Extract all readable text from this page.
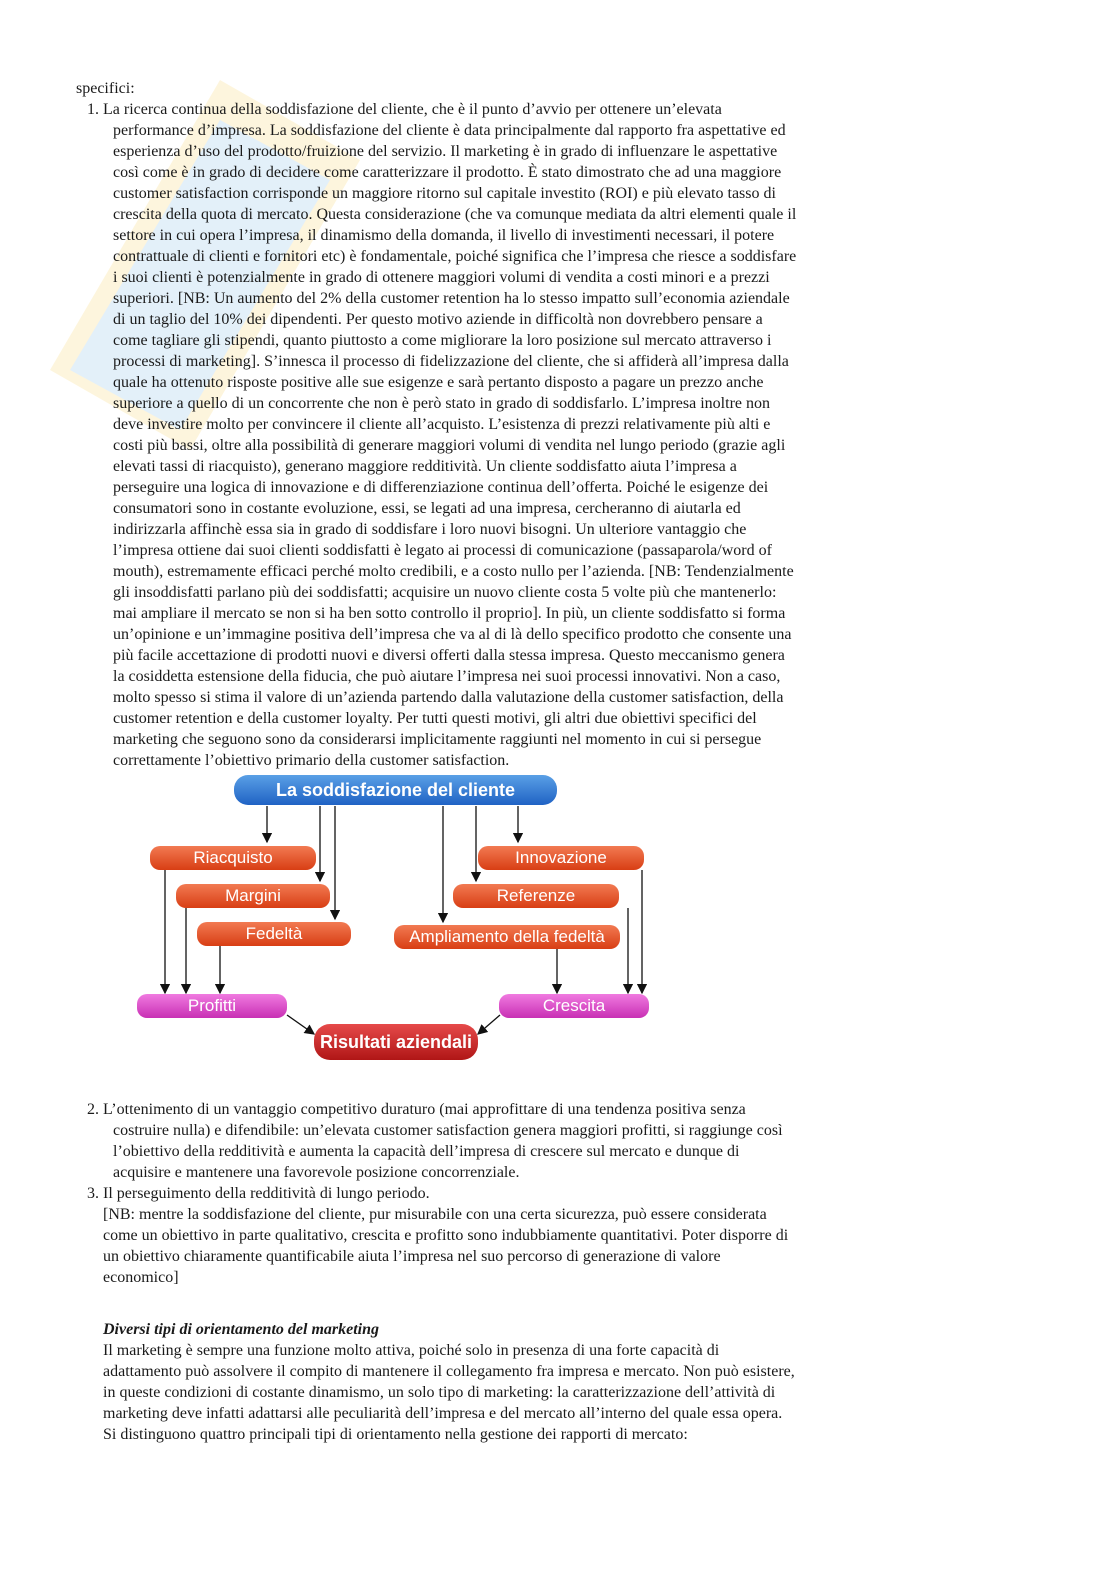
specifici:
1. La ricerca continua della soddisfazione del cliente, che è il punto d’avvio per ottenere un’elevata
performance d’impresa. La soddisfazione del cliente è data principalmente dal rapporto fra aspettative ed
esperienza d’uso del prodotto/fruizione del servizio. Il marketing è in grado di influenzare le aspettative
così come è in grado di decidere come caratterizzare il prodotto. È stato dimostrato che ad una maggiore
customer satisfaction corrisponde un maggiore ritorno sul capitale investito (ROI) e più elevato tasso di
crescita della quota di mercato. Questa considerazione (che va comunque mediata da altri elementi quale il
settore in cui opera l’impresa, il dinamismo della domanda, il livello di investimenti necessari, il potere
contrattuale di clienti e fornitori etc) è fondamentale, poiché significa che l’impresa che riesce a soddisfare
i suoi clienti è potenzialmente in grado di ottenere maggiori volumi di vendita a costi minori e a prezzi
superiori. [NB: Un aumento del 2% della customer retention ha lo stesso impatto sull’economia aziendale
di un taglio del 10% dei dipendenti. Per questo motivo aziende in difficoltà non dovrebbero pensare a
come tagliare gli stipendi, quanto piuttosto a come migliorare la loro posizione sul mercato attraverso i
processi di marketing]. S’innesca il processo di fidelizzazione del cliente, che si affiderà all’impresa dalla
quale ha ottenuto risposte positive alle sue esigenze e sarà pertanto disposto a pagare un prezzo anche
superiore a quello di un concorrente che non è però stato in grado di soddisfarlo. L’impresa inoltre non
deve investire molto per convincere il cliente all’acquisto. L’esistenza di prezzi relativamente più alti e
costi più bassi, oltre alla possibilità di generare maggiori volumi di vendita nel lungo periodo (grazie agli
elevati tassi di riacquisto), generano maggiore redditività. Un cliente soddisfatto aiuta l’impresa a
perseguire una logica di innovazione e di differenziazione continua dell’offerta. Poiché le esigenze dei
consumatori sono in costante evoluzione, essi, se legati ad una impresa, cercheranno di aiutarla ed
indirizzarla affinchè essa sia in grado di soddisfare i loro nuovi bisogni. Un ulteriore vantaggio che
l’impresa ottiene dai suoi clienti soddisfatti è legato ai processi di comunicazione (passaparola/word of
mouth), estremamente efficaci perché molto credibili, e a costo nullo per l’azienda. [NB: Tendenzialmente
gli insoddisfatti parlano più dei soddisfatti; acquisire un nuovo cliente costa 5 volte più che mantenerlo:
mai ampliare il mercato se non si ha ben sotto controllo il proprio]. In più, un cliente soddisfatto si forma
un’opinione e un’immagine positiva dell’impresa che va al di là dello specifico prodotto che consente una
più facile accettazione di prodotti nuovi e diversi offerti dalla stessa impresa. Questo meccanismo genera
la cosiddetta estensione della fiducia, che può aiutare l’impresa nei suoi processi innovativi. Non a caso,
molto spesso si stima il valore di un’azienda partendo dalla valutazione della customer satisfaction, della
customer retention e della customer loyalty. Per tutti questi motivi, gli altri due obiettivi specifici del
marketing che seguono sono da considerarsi implicitamente raggiunti nel momento in cui si persegue
correttamente l’obiettivo primario della customer satisfaction.
La soddisfazione del cliente
Riacquisto
Margini
Fedeltà
Innovazione
Referenze
Ampliamento della fedeltà
Profitti	Crescita
Risultati aziendali
2. L’ottenimento di un vantaggio competitivo duraturo (mai approfittare di una tendenza positiva senza
costruire nulla) e difendibile: un’elevata customer satisfaction genera maggiori profitti, si raggiunge così
l’obiettivo della redditività e aumenta la capacità dell’impresa di crescere sul mercato e dunque di
acquisire e mantenere una favorevole posizione concorrenziale.
3. Il perseguimento della redditività di lungo periodo.
[NB: mentre la soddisfazione del cliente, pur misurabile con una certa sicurezza, può essere considerata
come un obiettivo in parte qualitativo, crescita e profitto sono indubbiamente quantitativi. Poter disporre di
un obiettivo chiaramente quantificabile aiuta l’impresa nel suo percorso di generazione di valore
economico]
Diversi tipi di orientamento del marketing
Il marketing è sempre una funzione molto attiva, poiché solo in presenza di una forte capacità di
adattamento può assolvere il compito di mantenere il collegamento fra impresa e mercato. Non può esistere,
in queste condizioni di costante dinamismo, un solo tipo di marketing: la caratterizzazione dell’attività di
marketing deve infatti adattarsi alle peculiarità dell’impresa e del mercato all’interno del quale essa opera.
Si distinguono quattro principali tipi di orientamento nella gestione dei rapporti di mercato:
